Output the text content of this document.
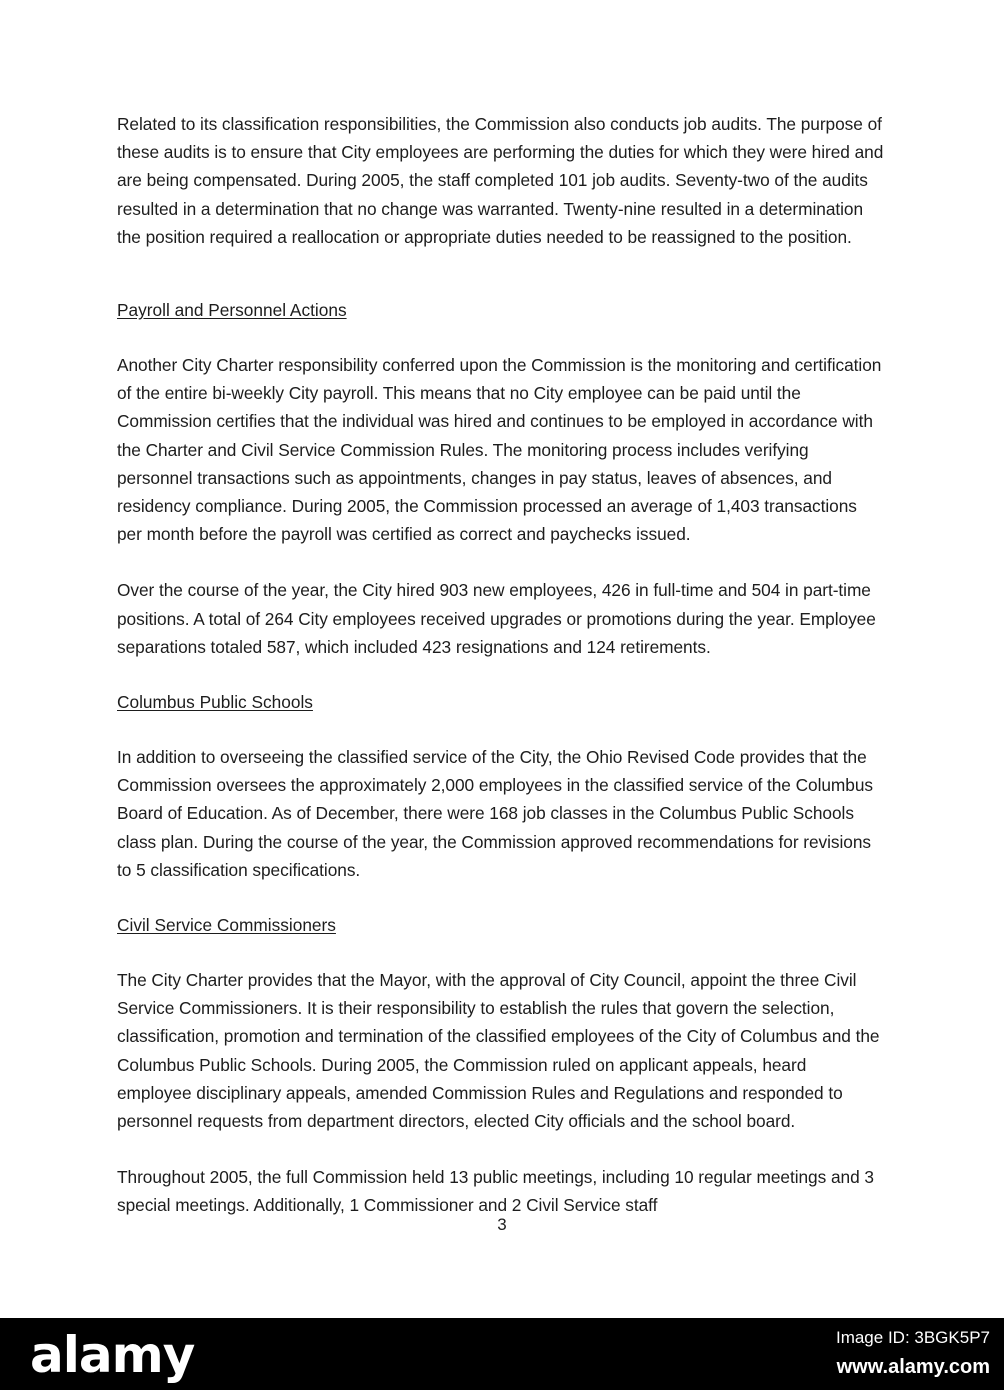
Related to its classification responsibilities, the Commission also conducts job audits. The purpose of these audits is to ensure that City employees are performing the duties for which they were hired and are being compensated. During 2005, the staff completed 101 job audits. Seventy-two of the audits resulted in a determination that no change was warranted. Twenty-nine resulted in a determination the position required a reallocation or appropriate duties needed to be reassigned to the position.

Payroll and Personnel Actions

Another City Charter responsibility conferred upon the Commission is the monitoring and certification of the entire bi-weekly City payroll. This means that no City employee can be paid until the Commission certifies that the individual was hired and continues to be employed in accordance with the Charter and Civil Service Commission Rules. The monitoring process includes verifying personnel transactions such as appointments, changes in pay status, leaves of absences, and residency compliance. During 2005, the Commission processed an average of 1,403 transactions per month before the payroll was certified as correct and paychecks issued.

Over the course of the year, the City hired 903 new employees, 426 in full-time and 504 in part-time positions. A total of 264 City employees received upgrades or promotions during the year. Employee separations totaled 587, which included 423 resignations and 124 retirements.

Columbus Public Schools

In addition to overseeing the classified service of the City, the Ohio Revised Code provides that the Commission oversees the approximately 2,000 employees in the classified service of the Columbus Board of Education. As of December, there were 168 job classes in the Columbus Public Schools class plan. During the course of the year, the Commission approved recommendations for revisions to 5 classification specifications.

Civil Service Commissioners

The City Charter provides that the Mayor, with the approval of City Council, appoint the three Civil Service Commissioners. It is their responsibility to establish the rules that govern the selection, classification, promotion and termination of the classified employees of the City of Columbus and the Columbus Public Schools. During 2005, the Commission ruled on applicant appeals, heard employee disciplinary appeals, amended Commission Rules and Regulations and responded to personnel requests from department directors, elected City officials and the school board.

Throughout 2005, the full Commission held 13 public meetings, including 10 regular meetings and 3 special meetings. Additionally, 1 Commissioner and 2 Civil Service staff

3
alamy	Image ID: 3BGK5P7
www.alamy.com
